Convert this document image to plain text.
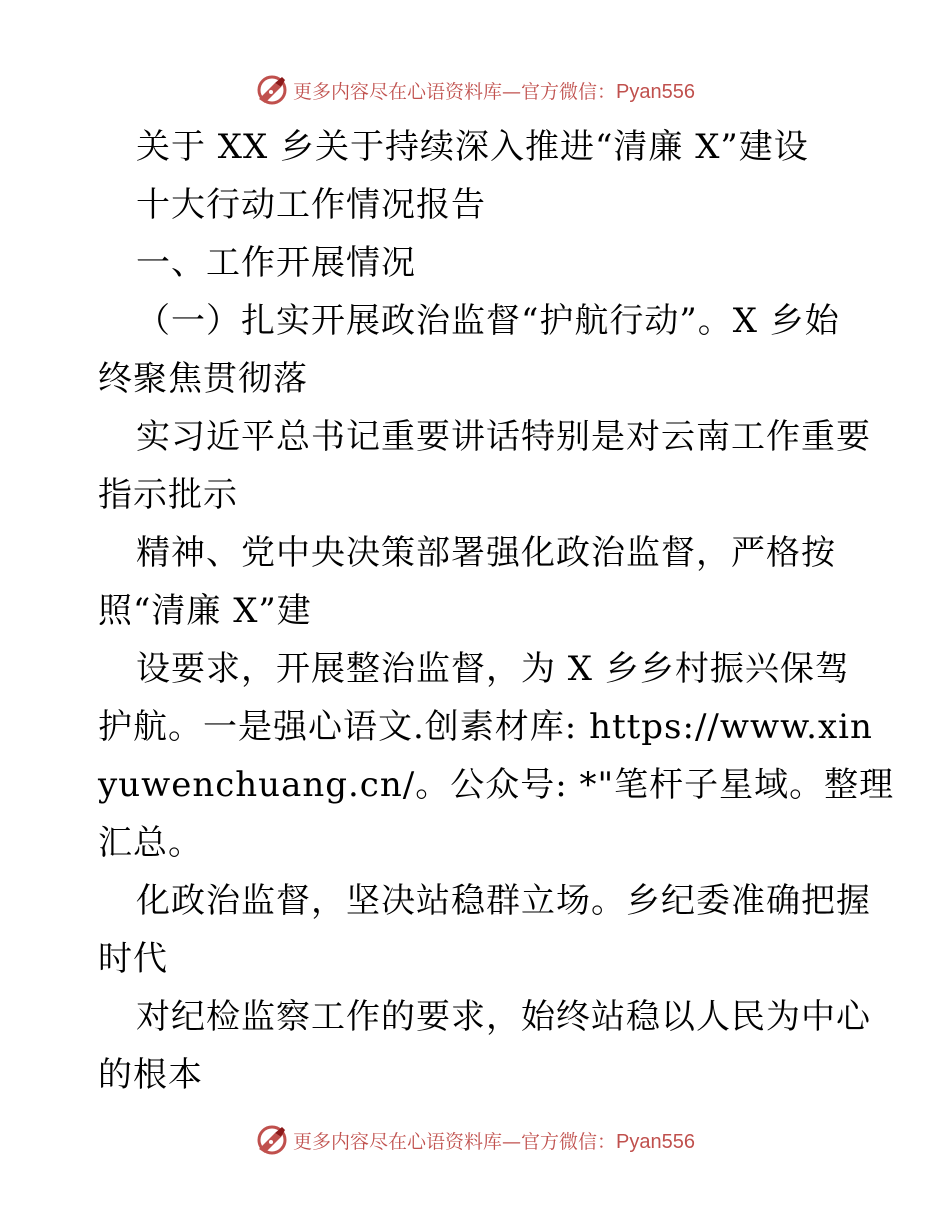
更多内容尽在心语资料库—官方微信：Pyan556
关于 XX 乡关于持续深入推进“清廉 X”建设
十大行动工作情况报告
一、工作开展情况
（一）扎实开展政治监督“护航行动”。X 乡始
终聚焦贯彻落
实习近平总书记重要讲话特别是对云南工作重要
指示批示
精神、党中央决策部署强化政治监督，严格按
照“清廉 X”建
设要求，开展整治监督，为 X 乡乡村振兴保驾
护航。一是强心语文.创素材库: https://www.xin
yuwenchuang.cn/。公众号: *"笔杆子星域。整理
汇总。
化政治监督，坚决站稳群立场。乡纪委准确把握
时代
对纪检监察工作的要求，始终站稳以人民为中心
的根本
更多内容尽在心语资料库—官方微信：Pyan556
